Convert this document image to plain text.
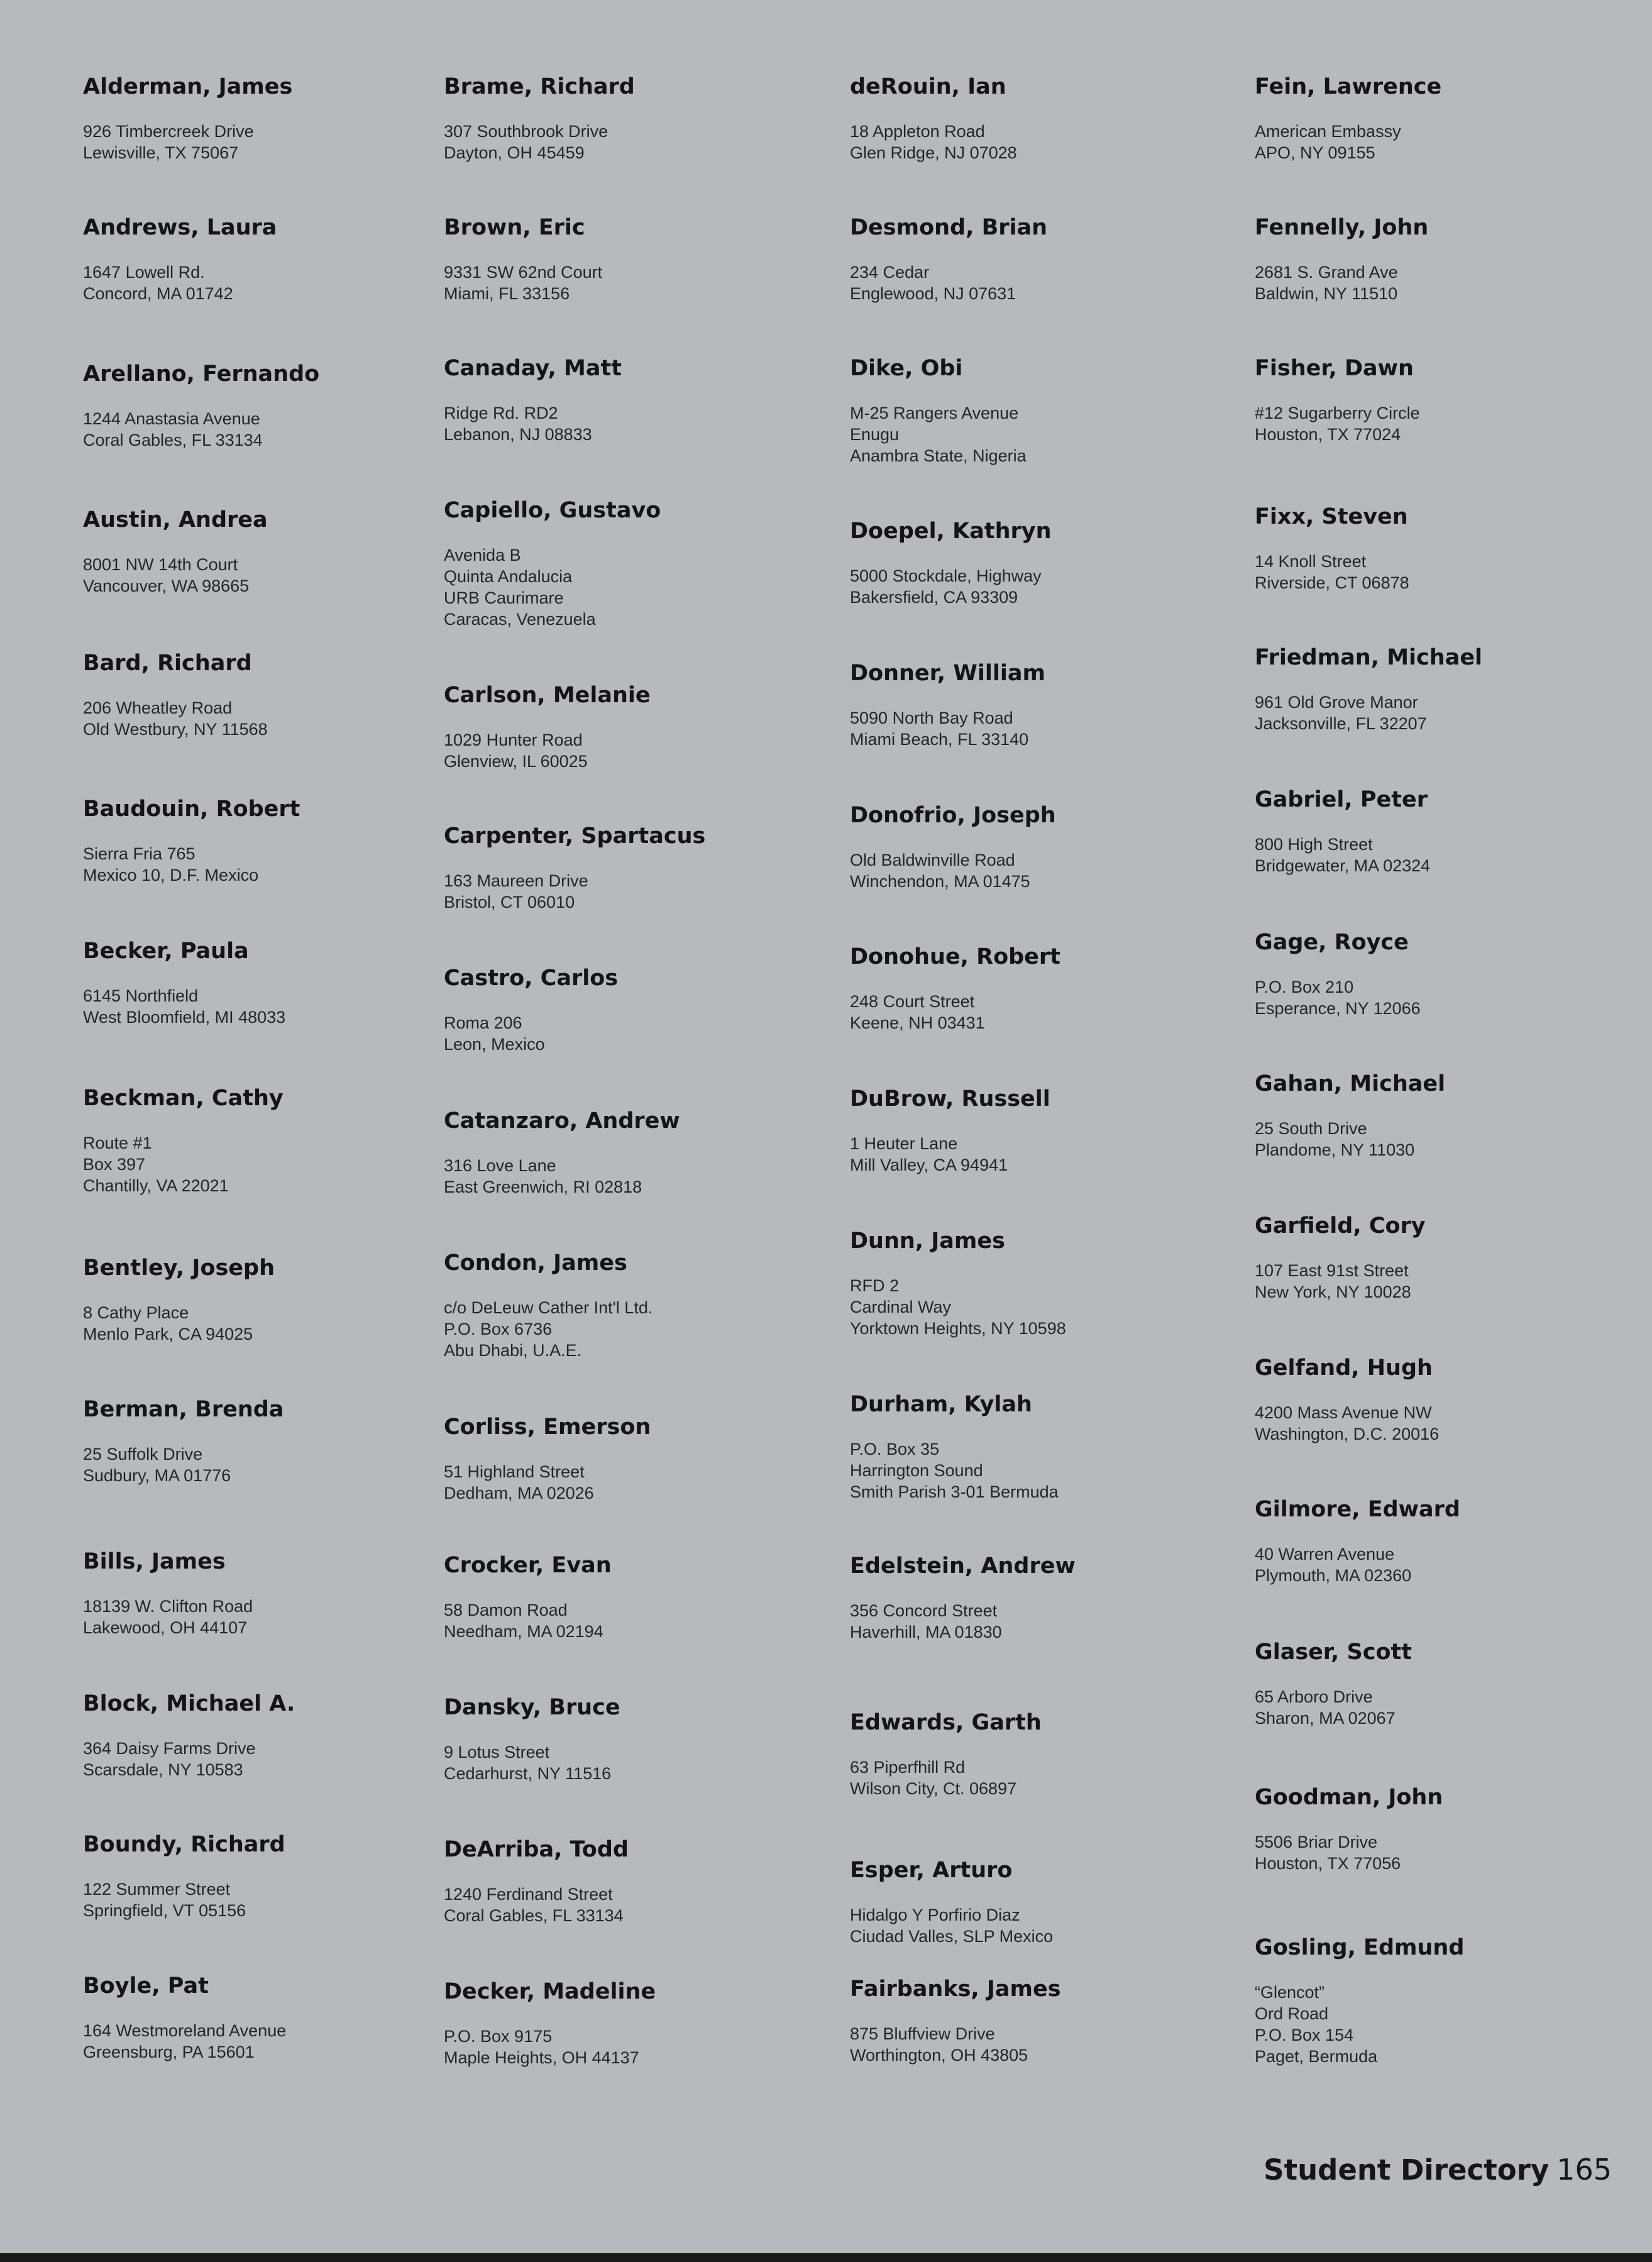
Alderman, James
926 Timbercreek Drive
Lewisville, TX 75067
Andrews, Laura
1647 Lowell Rd.
Concord, MA 01742
Arellano, Fernando
1244 Anastasia Avenue
Coral Gables, FL 33134
Austin, Andrea
8001 NW 14th Court
Vancouver, WA 98665
Bard, Richard
206 Wheatley Road
Old Westbury, NY 11568
Baudouin, Robert
Sierra Fria 765
Mexico 10, D.F. Mexico
Becker, Paula
6145 Northfield
West Bloomfield, MI 48033
Beckman, Cathy
Route #1
Box 397
Chantilly, VA 22021
Bentley, Joseph
8 Cathy Place
Menlo Park, CA 94025
Berman, Brenda
25 Suffolk Drive
Sudbury, MA 01776
Bills, James
18139 W. Clifton Road
Lakewood, OH 44107
Block, Michael A.
364 Daisy Farms Drive
Scarsdale, NY 10583
Boundy, Richard
122 Summer Street
Springfield, VT 05156
Boyle, Pat
164 Westmoreland Avenue
Greensburg, PA 15601
Brame, Richard
307 Southbrook Drive
Dayton, OH 45459
Brown, Eric
9331 SW 62nd Court
Miami, FL 33156
Canaday, Matt
Ridge Rd. RD2
Lebanon, NJ 08833
Capiello, Gustavo
Avenida B
Quinta Andalucia
URB Caurimare
Caracas, Venezuela
Carlson, Melanie
1029 Hunter Road
Glenview, IL 60025
Carpenter, Spartacus
163 Maureen Drive
Bristol, CT 06010
Castro, Carlos
Roma 206
Leon, Mexico
Catanzaro, Andrew
316 Love Lane
East Greenwich, RI 02818
Condon, James
c/o DeLeuw Cather Int'l Ltd.
P.O. Box 6736
Abu Dhabi, U.A.E.
Corliss, Emerson
51 Highland Street
Dedham, MA 02026
Crocker, Evan
58 Damon Road
Needham, MA 02194
Dansky, Bruce
9 Lotus Street
Cedarhurst, NY 11516
DeArriba, Todd
1240 Ferdinand Street
Coral Gables, FL 33134
Decker, Madeline
P.O. Box 9175
Maple Heights, OH 44137
deRouin, Ian
18 Appleton Road
Glen Ridge, NJ 07028
Desmond, Brian
234 Cedar
Englewood, NJ 07631
Dike, Obi
M-25 Rangers Avenue
Enugu
Anambra State, Nigeria
Doepel, Kathryn
5000 Stockdale, Highway
Bakersfield, CA 93309
Donner, William
5090 North Bay Road
Miami Beach, FL 33140
Donofrio, Joseph
Old Baldwinville Road
Winchendon, MA 01475
Donohue, Robert
248 Court Street
Keene, NH 03431
DuBrow, Russell
1 Heuter Lane
Mill Valley, CA 94941
Dunn, James
RFD 2
Cardinal Way
Yorktown Heights, NY 10598
Durham, Kylah
P.O. Box 35
Harrington Sound
Smith Parish 3-01 Bermuda
Edelstein, Andrew
356 Concord Street
Haverhill, MA 01830
Edwards, Garth
63 Piperfhill Rd
Wilson City, Ct. 06897
Esper, Arturo
Hidalgo Y Porfirio Diaz
Ciudad Valles, SLP Mexico
Fairbanks, James
875 Bluffview Drive
Worthington, OH 43805
Fein, Lawrence
American Embassy
APO, NY 09155
Fennelly, John
2681 S. Grand Ave
Baldwin, NY 11510
Fisher, Dawn
#12 Sugarberry Circle
Houston, TX 77024
Fixx, Steven
14 Knoll Street
Riverside, CT 06878
Friedman, Michael
961 Old Grove Manor
Jacksonville, FL 32207
Gabriel, Peter
800 High Street
Bridgewater, MA 02324
Gage, Royce
P.O. Box 210
Esperance, NY 12066
Gahan, Michael
25 South Drive
Plandome, NY 11030
Garfield, Cory
107 East 91st Street
New York, NY 10028
Gelfand, Hugh
4200 Mass Avenue NW
Washington, D.C. 20016
Gilmore, Edward
40 Warren Avenue
Plymouth, MA 02360
Glaser, Scott
65 Arboro Drive
Sharon, MA 02067
Goodman, John
5506 Briar Drive
Houston, TX 77056
Gosling, Edmund
“Glencot”
Ord Road
P.O. Box 154
Paget, Bermuda
Student Directory 165
